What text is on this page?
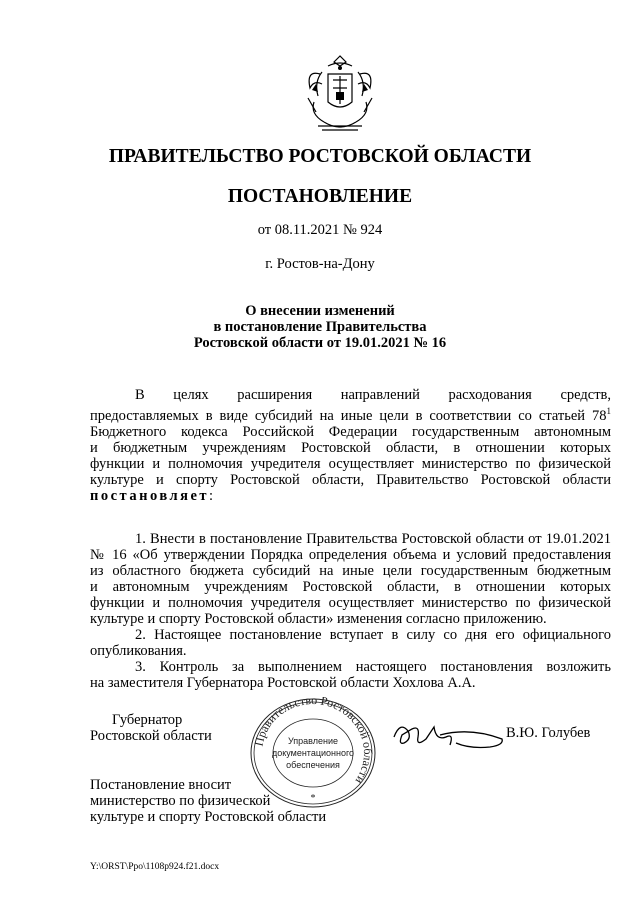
ПРАВИТЕЛЬСТВО РОСТОВСКОЙ ОБЛАСТИ
ПОСТАНОВЛЕНИЕ
от 08.11.2021 № 924
г. Ростов-на-Дону
О внесении изменений
в постановление Правительства
Ростовской области от 19.01.2021 № 16
В целях расширения направлений расходования средств,
предоставляемых в виде субсидий на иные цели в соответствии со статьей $78^1$
Бюджетного кодекса Российской Федерации государственным автономным
и бюджетным учреждениям Ростовской области, в отношении которых
функции и полномочия учредителя осуществляет министерство по физической
культуре и спорту Ростовской области, Правительство Ростовской области
постановляет:
1. Внести в постановление Правительства Ростовской области от 19.01.2021
№ 16 «Об утверждении Порядка определения объема и условий предоставления
из областного бюджета субсидий на иные цели государственным бюджетным
и автономным учреждениям Ростовской области, в отношении которых
функции и полномочия учредителя осуществляет министерство по физической
культуре и спорту Ростовской области» изменения согласно приложению.
2. Настоящее постановление вступает в силу со дня его официального
опубликования.
3. Контроль за выполнением настоящего постановления возложить
на заместителя Губернатора Ростовской области Хохлова А.А.
Губернатор
Ростовской области	Правительство Ростовской области
Управление
документационного
обеспечения
*
В.Ю. Голубев
Постановление вносит
министерство по физической
культуре и спорту Ростовской области
Y:\ORST\Ppo\1108p924.f21.docx
